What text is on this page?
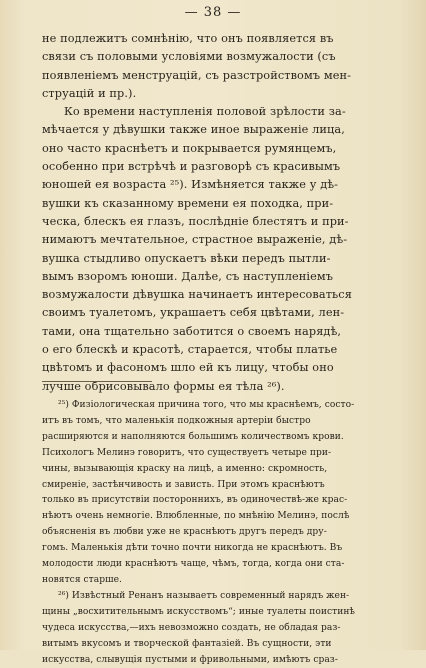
— 38 —
не подлежитъ сомнѣнію, что онъ появляется въ
связи съ половыми условіями возмужалости (съ
появленіемъ менструацій, съ разстройствомъ мен-
струацій и пр.).
Ко времени наступленія половой зрѣлости за-
мѣчается у дѣвушки также иное выраженіе лица,
оно часто краснѣетъ и покрывается румянцемъ,
особенно при встрѣчѣ и разговорѣ съ красивымъ
юношей ея возраста ²⁵). Измѣняется также у дѣ-
вушки къ сказанному времени ея походка, при-
ческа, блескъ ея глазъ, послѣдніе блестятъ и при-
нимаютъ мечтательное, страстное выраженіе, дѣ-
вушка стыдливо опускаетъ вѣки передъ пытли-
вымъ взоромъ юноши. Далѣе, съ наступленіемъ
возмужалости дѣвушка начинаетъ интересоваться
своимъ туалетомъ, украшаетъ себя цвѣтами, лен-
тами, она тщательно заботится о своемъ нарядѣ,
о его блескѣ и красотѣ, старается, чтобы платье
цвѣтомъ и фасономъ шло ей къ лицу, чтобы оно
лучше обрисовывало формы ея тѣла ²⁶).
²⁵) Физіологическая причина того, что мы краснѣемъ, состо-
итъ въ томъ, что маленькія подкожныя артеріи быстро
расширяются и наполняются большимъ количествомъ крови.
Психологъ Мелинэ говоритъ, что существуетъ четыре при-
чины, вызывающія краску на лицѣ, а именно: скромность,
смиреніе, застѣнчивость и зависть. При этомъ краснѣютъ
только въ присутствіи постороннихъ, въ одиночествѣ-же крас-
нѣютъ очень немногіе. Влюбленные, по мнѣнію Мелинэ, послѣ
объясненія въ любви уже не краснѣютъ другъ передъ дру-
гомъ. Маленькія дѣти точно почти никогда не краснѣютъ. Въ
молодости люди краснѣютъ чаще, чѣмъ, тогда, когда они ста-
новятся старше.
²⁶) Извѣстный Ренанъ называетъ современный нарядъ жен-
щины „восхитительнымъ искусствомъ“; иные туалеты поистинѣ
чудеса искусства,—ихъ невозможно создать, не обладая раз-
витымъ вкусомъ и творческой фантазіей. Въ сущности, эти
искусства, слывущія пустыми и фривольными, имѣютъ сраз-
